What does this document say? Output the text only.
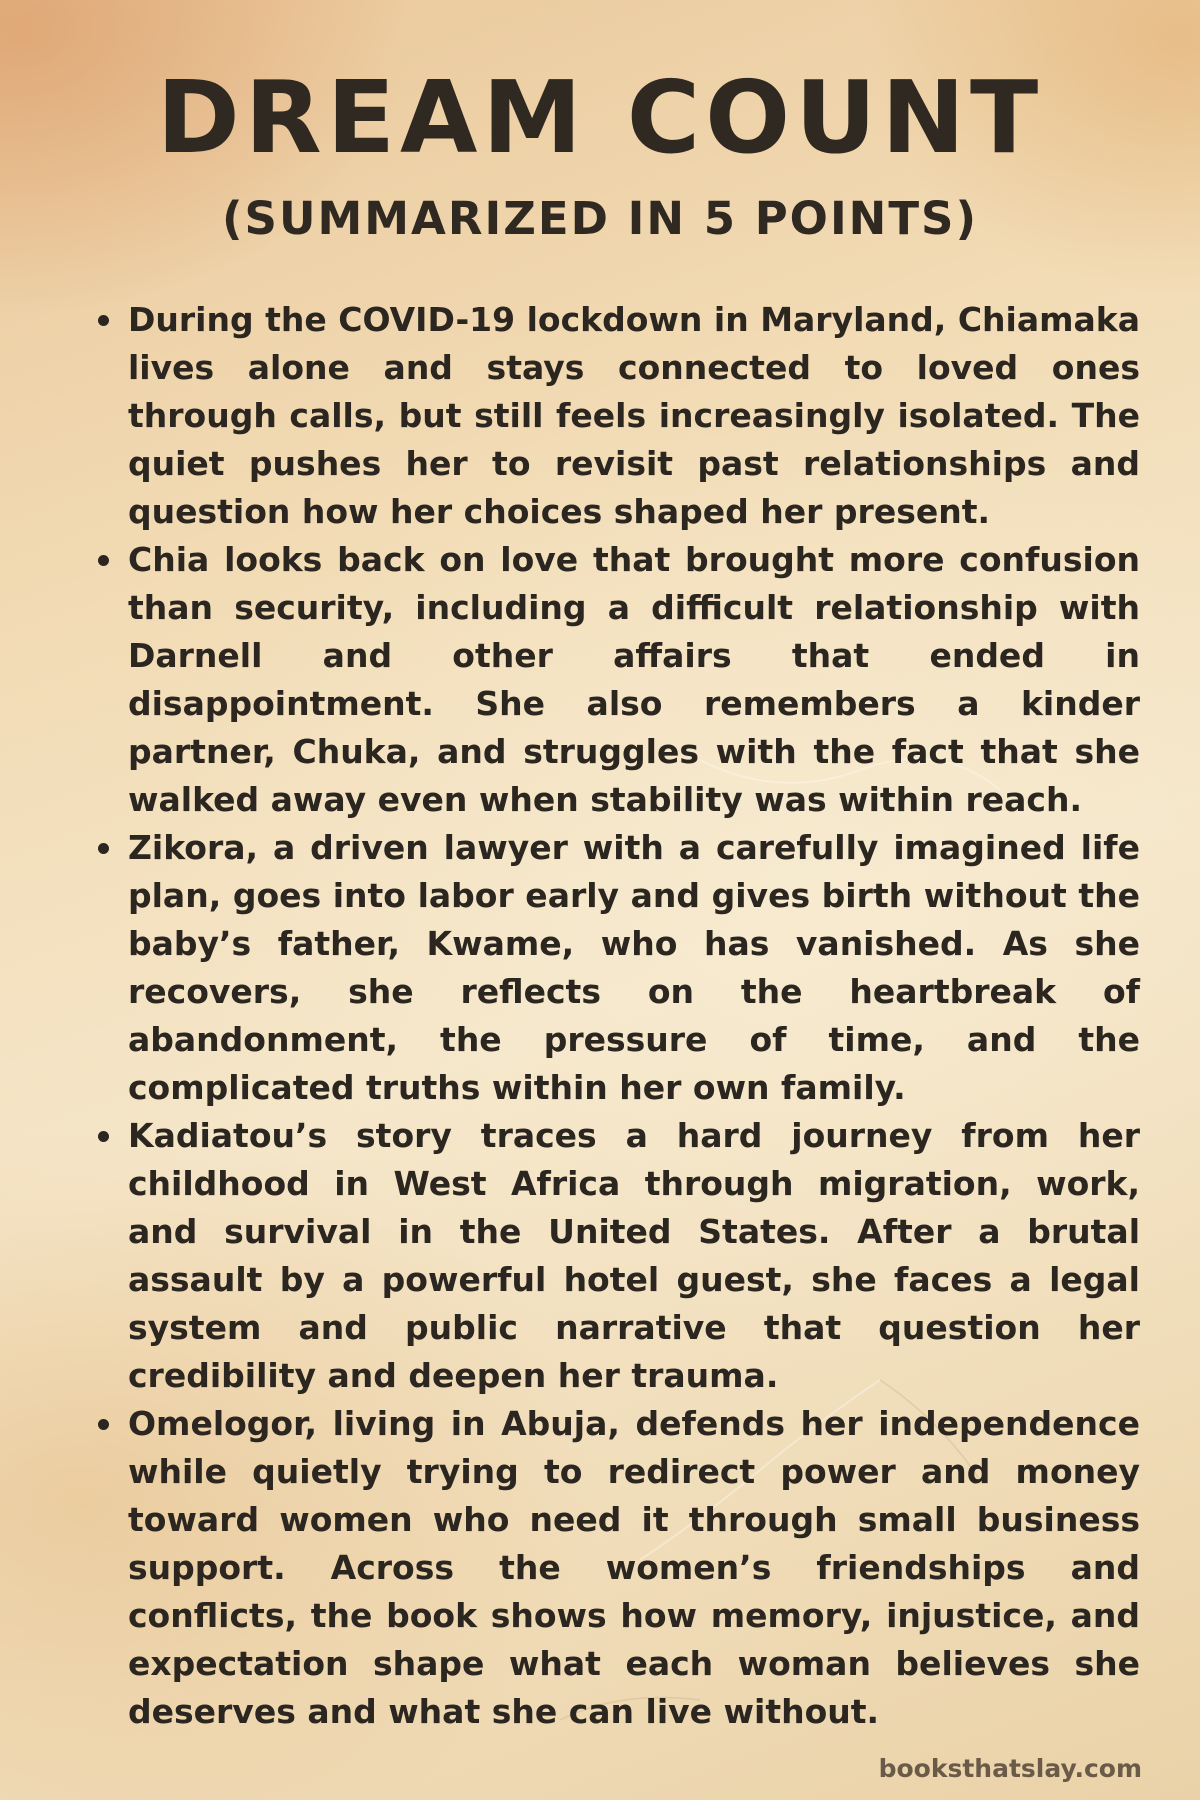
DREAM COUNT
(SUMMARIZED IN 5 POINTS)
During the COVID-19 lockdown in Maryland, Chiamaka lives alone and stays connected to loved ones through calls, but still feels increasingly isolated. The quiet pushes her to revisit past relationships and question how her choices shaped her present.
Chia looks back on love that brought more confusion than security, including a difficult relationship with Darnell and other affairs that ended in disappointment. She also remembers a kinder partner, Chuka, and struggles with the fact that she walked away even when stability was within reach.
Zikora, a driven lawyer with a carefully imagined life plan, goes into labor early and gives birth without the baby’s father, Kwame, who has vanished. As she recovers, she reflects on the heartbreak of abandonment, the pressure of time, and the complicated truths within her own family.
Kadiatou’s story traces a hard journey from her childhood in West Africa through migration, work, and survival in the United States. After a brutal assault by a powerful hotel guest, she faces a legal system and public narrative that question her credibility and deepen her trauma.
Omelogor, living in Abuja, defends her independence while quietly trying to redirect power and money toward women who need it through small business support. Across the women’s friendships and conflicts, the book shows how memory, injustice, and expectation shape what each woman believes she deserves and what she can live without.
booksthatslay.com
